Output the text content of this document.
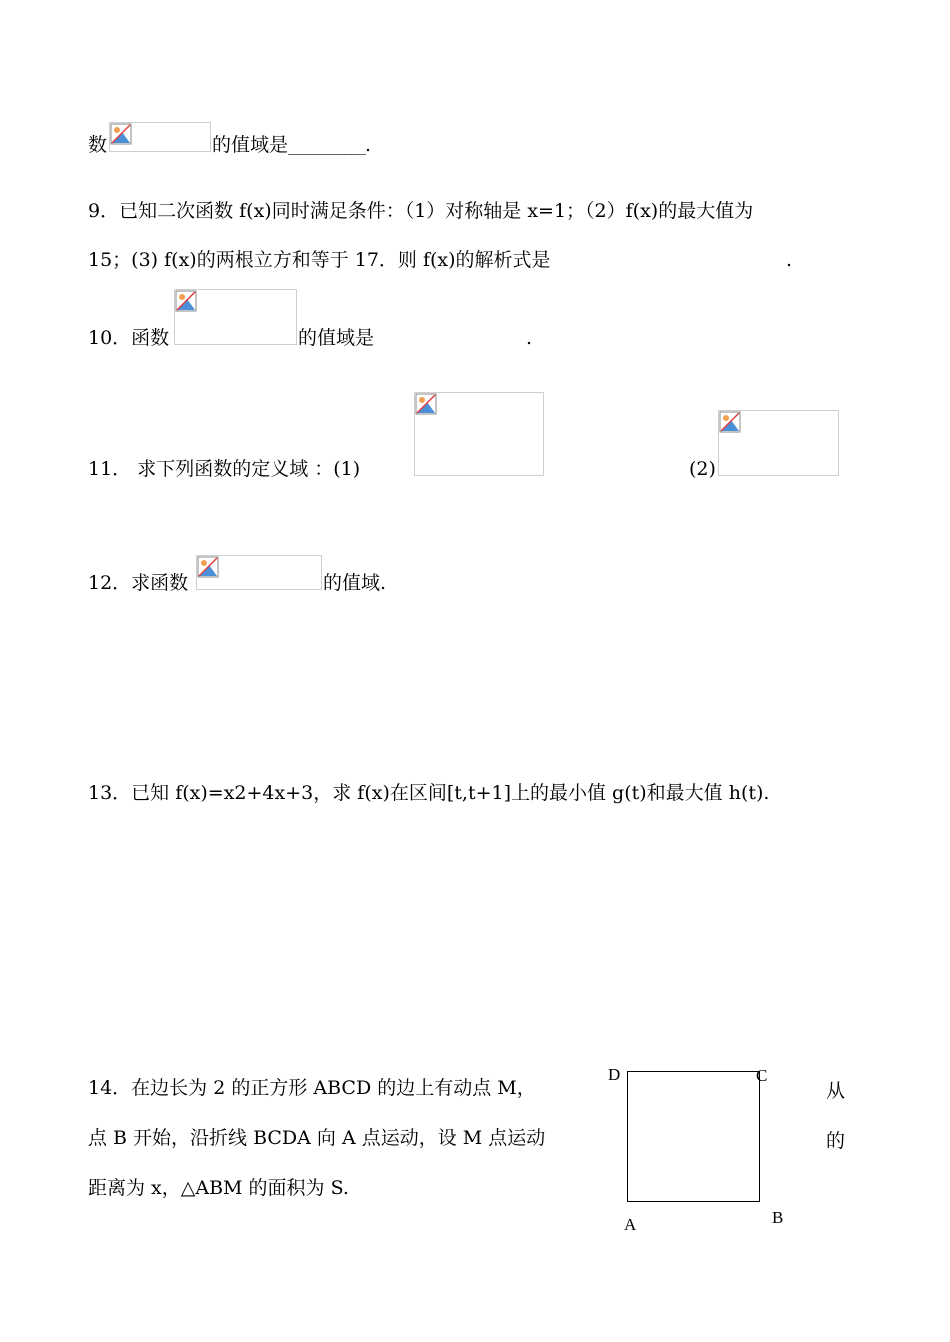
数	的值域是___________.
9．已知二次函数 f(x)同时满足条件：（1）对称轴是 x=1；（2）f(x)的最大值为
15；(3) f(x)的两根立方和等于 17．则 f(x)的解析式是	.
10．函数	的值域是	.
11． 求下列函数的定义域 ：(1)	(2)
12．求函数	的值域.
13．已知 f(x)=x2+4x+3，求 f(x)在区间[t,t+1]上的最小值 g(t)和最大值 h(t).
14．在边长为 2 的正方形 ABCD 的边上有动点 M，	从
点 B 开始，沿折线 BCDA 向 A 点运动，设 M 点运动	的
距离为 x，△ABM 的面积为 S.
D	C
A	B
